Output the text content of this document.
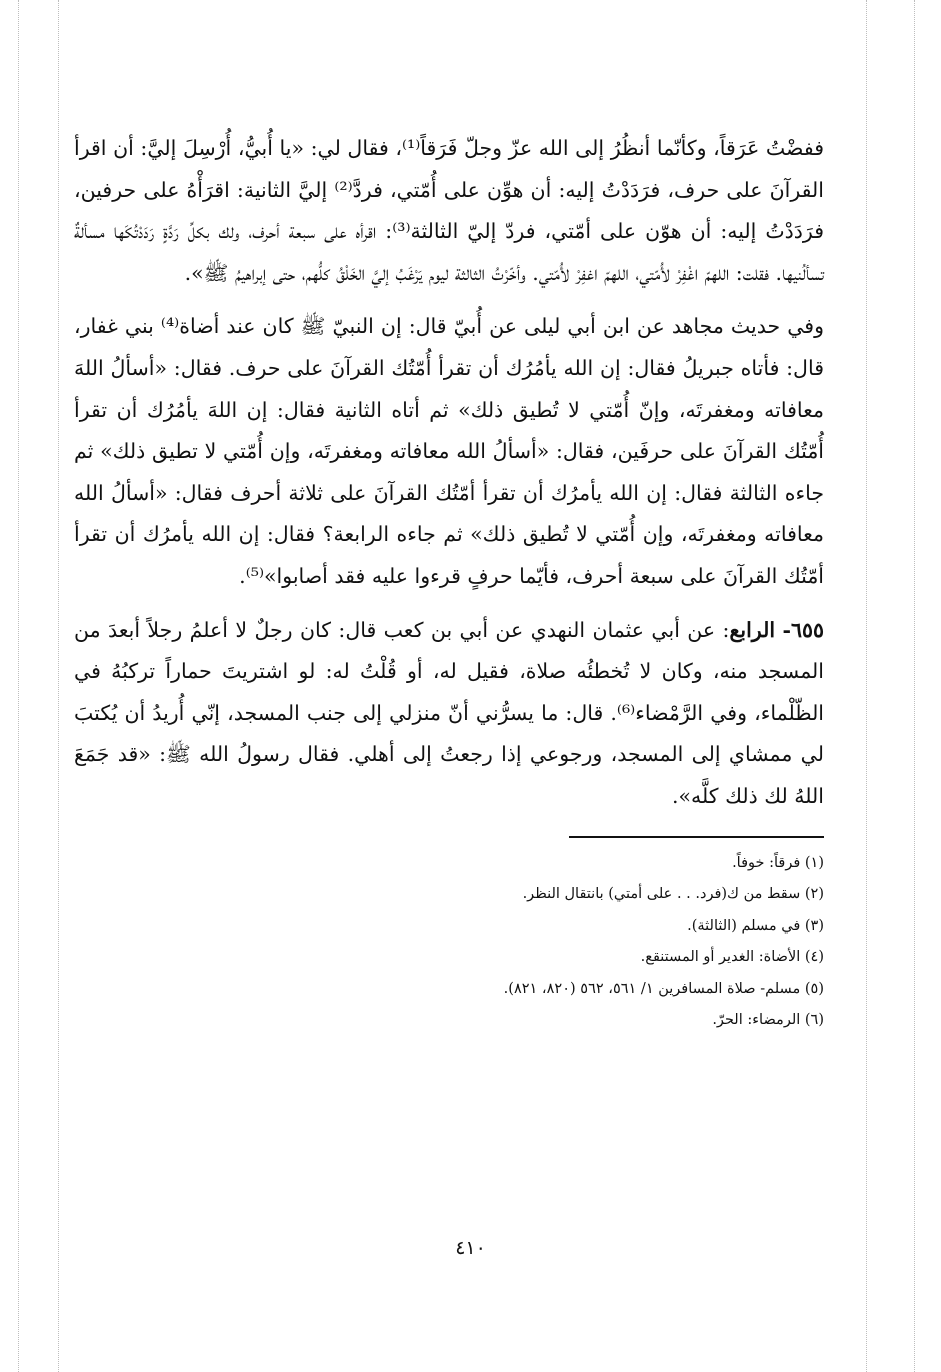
ففضْتُ عَرَقاً، وكأنّما أنظُرُ إلى الله عزّ وجلّ فَرَقاً⁽¹⁾، فقال لي: «يا أُبيُّ، أُرْسِلَ إليَّ: أن اقرأ القرآنَ على حرف، فرَدَدْتُ إليه: أن هوِّن على أُمّتي، فردَّ⁽²⁾ إليَّ الثانية: اقرَأْهُ على حرفين، فرَدَدْتُ إليه: أن هوّن على أمّتي، فردّ إليّ الثالثة⁽³⁾: اقرأه على سبعة أحرف، ولك بكلِّ رَدَّةٍ رَدَدْتُكَها مسألةٌ تسألُنيها. فقلت: اللهمّ اغْفِرْ لأُمّتي، اللهمّ اغفِرْ لأُمّتي. وأخّرْتُ الثالثة ليوم يَرْغَبُ إليَّ الخَلْقُ كلُّهم، حتى إبراهيمُ ﷺ».

وفي حديث مجاهد عن ابن أبي ليلى عن أُبيّ قال: إن النبيّ ﷺ كان عند أضاة⁽⁴⁾ بني غفار، قال: فأتاه جبريلُ فقال: إن الله يأمُرُك أن تقرأ أُمّتُك القرآنَ على حرف. فقال: «أسألُ اللهَ معافاته ومغفرتَه، وإنّ أُمّتي لا تُطيق ذلك» ثم أتاه الثانية فقال: إن اللهَ يأمُرُك أن تقرأ أُمّتُك القرآنَ على حرفَين، فقال: «أسألُ الله معافاته ومغفرتَه، وإن أُمّتي لا تطيق ذلك» ثم جاءه الثالثة فقال: إن الله يأمرُك أن تقرأ أمّتُك القرآنَ على ثلاثة أحرف فقال: «أسألُ الله معافاته ومغفرتَه، وإن أُمّتي لا تُطيق ذلك» ثم جاءه الرابعة؟ فقال: إن الله يأمرُك أن تقرأ أمّتُك القرآنَ على سبعة أحرف، فأيّما حرفٍ قرءوا عليه فقد أصابوا»⁽⁵⁾.

٦٥٥- الرابع: عن أبي عثمان النهدي عن أبي بن كعب قال: كان رجلٌ لا أعلمُ رجلاً أبعدَ من المسجد منه، وكان لا تُخطئُه صلاة، فقيل له، أو قُلْتُ له: لو اشتريتَ حماراً تركبُهُ في الظّلْماء، وفي الرَّمْضاء⁽⁶⁾. قال: ما يسرُّني أنّ منزلي إلى جنب المسجد، إنّي أُريدُ أن يُكتبَ لي ممشاي إلى المسجد، ورجوعي إذا رجعتُ إلى أهلي. فقال رسولُ الله ﷺ: «قد جَمَعَ اللهُ لك ذلك كلَّه».

(١) فرقاً: خوفاً.
(٢) سقط من ك(فرد. . . على أمتي) بانتقال النظر.
(٣) في مسلم (الثالثة).
(٤) الأضاة: الغدير أو المستنقع.
(٥) مسلم- صلاة المسافرين ١/ ٥٦١، ٥٦٢ (٨٢٠، ٨٢١).
(٦) الرمضاء: الحرّ.
٤١٠
